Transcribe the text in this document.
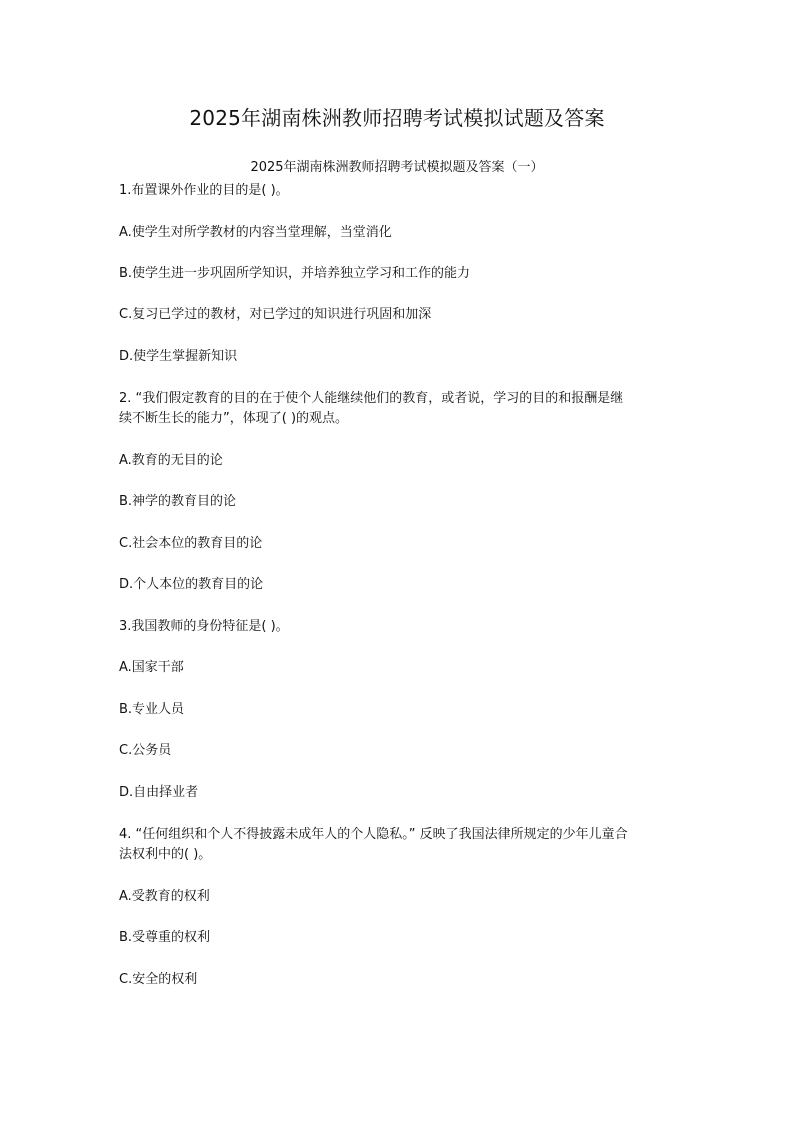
2025年湖南株洲教师招聘考试模拟试题及答案

2025年湖南株洲教师招聘考试模拟题及答案（一）

1.布置课外作业的目的是( )。

A.使学生对所学教材的内容当堂理解，当堂消化

B.使学生进一步巩固所学知识，并培养独立学习和工作的能力

C.复习已学过的教材，对已学过的知识进行巩固和加深

D.使学生掌握新知识

2. “我们假定教育的目的在于使个人能继续他们的教育，或者说，学习的目的和报酬是继

续不断生长的能力”，体现了( )的观点。

A.教育的无目的论

B.神学的教育目的论

C.社会本位的教育目的论

D.个人本位的教育目的论

3.我国教师的身份特征是( )。

A.国家干部

B.专业人员

C.公务员

D.自由择业者

4. “任何组织和个人不得披露未成年人的个人隐私。” 反映了我国法律所规定的少年儿童合

法权利中的( )。

A.受教育的权利

B.受尊重的权利

C.安全的权利
